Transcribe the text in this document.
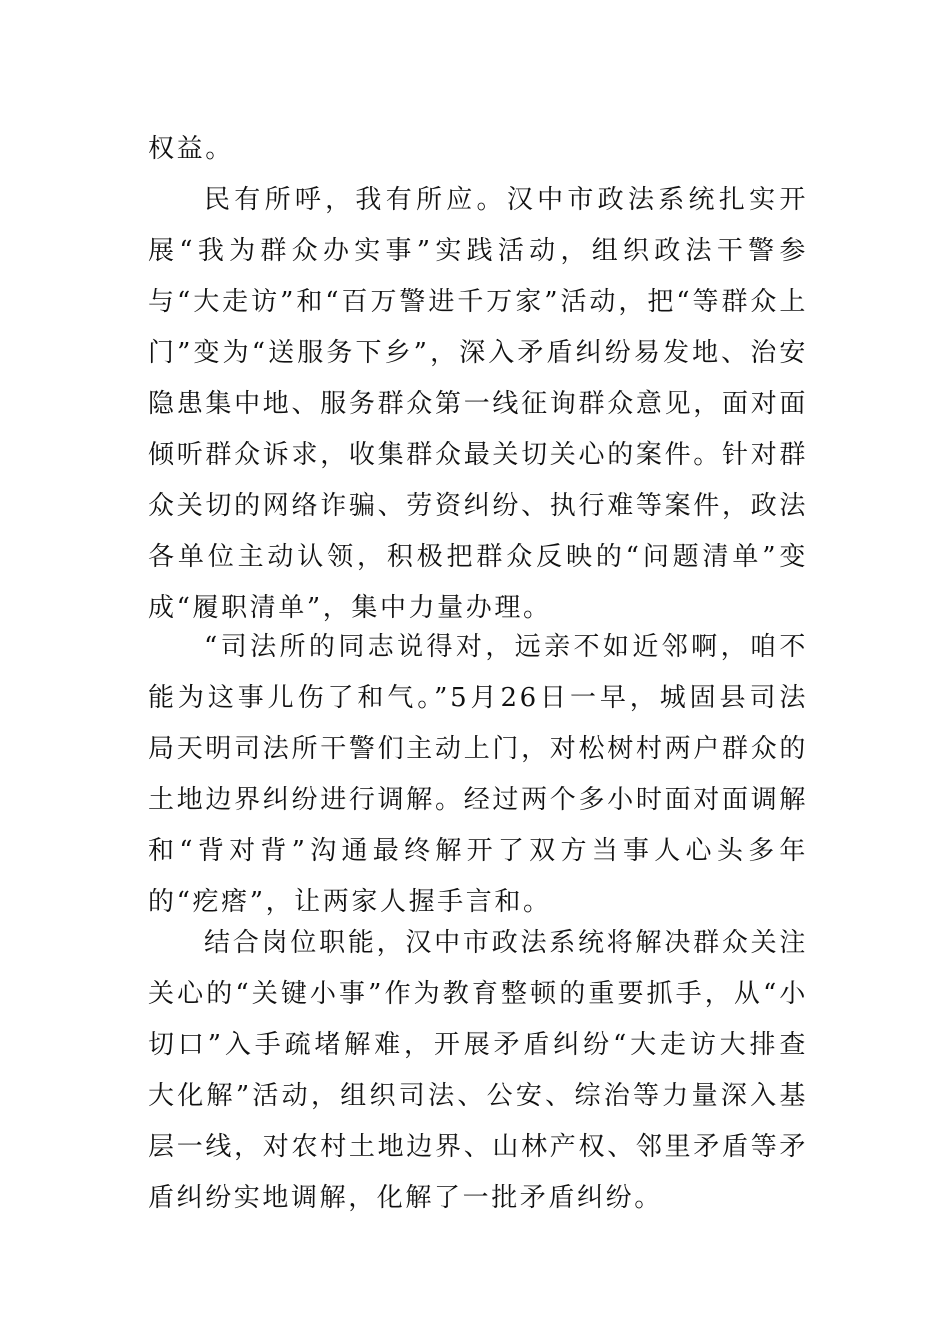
权益。

民有所呼，我有所应。汉中市政法系统扎实开展“我为群众办实事”实践活动，组织政法干警参与“大走访”和“百万警进千万家”活动，把“等群众上门”变为“送服务下乡”，深入矛盾纠纷易发地、治安隐患集中地、服务群众第一线征询群众意见，面对面倾听群众诉求，收集群众最关切关心的案件。针对群众关切的网络诈骗、劳资纠纷、执行难等案件，政法各单位主动认领，积极把群众反映的“问题清单”变成“履职清单”，集中力量办理。

“司法所的同志说得对，远亲不如近邻啊，咱不能为这事儿伤了和气。”5月26日一早，城固县司法局天明司法所干警们主动上门，对松树村两户群众的土地边界纠纷进行调解。经过两个多小时面对面调解和“背对背”沟通最终解开了双方当事人心头多年的“疙瘩”，让两家人握手言和。

结合岗位职能，汉中市政法系统将解决群众关注关心的“关键小事”作为教育整顿的重要抓手，从“小切口”入手疏堵解难，开展矛盾纠纷“大走访大排查大化解”活动，组织司法、公安、综治等力量深入基层一线，对农村土地边界、山林产权、邻里矛盾等矛盾纠纷实地调解，化解了一批矛盾纠纷。
